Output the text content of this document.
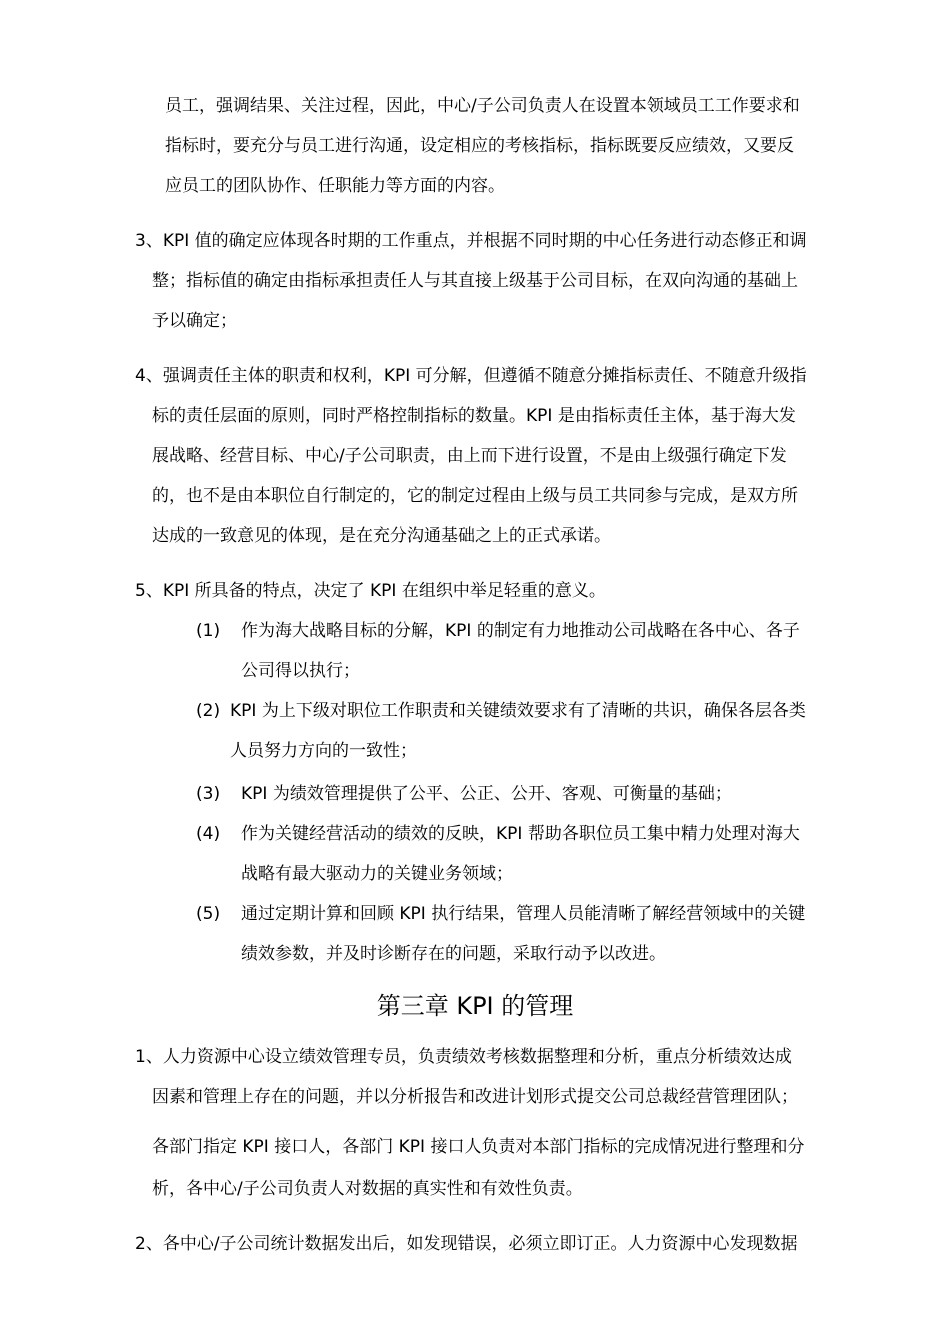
员工，强调结果、关注过程，因此，中心/子公司负责人在设置本领域员工工作要求和
指标时，要充分与员工进行沟通，设定相应的考核指标，指标既要反应绩效，又要反
应员工的团队协作、任职能力等方面的内容。
3、KPI 值的确定应体现各时期的工作重点，并根据不同时期的中心任务进行动态修正和调
整；指标值的确定由指标承担责任人与其直接上级基于公司目标，在双向沟通的基础上
予以确定；
4、强调责任主体的职责和权利，KPI 可分解，但遵循不随意分摊指标责任、不随意升级指
标的责任层面的原则，同时严格控制指标的数量。KPI 是由指标责任主体，基于海大发
展战略、经营目标、中心/子公司职责，由上而下进行设置，不是由上级强行确定下发
的，也不是由本职位自行制定的，它的制定过程由上级与员工共同参与完成，是双方所
达成的一致意见的体现，是在充分沟通基础之上的正式承诺。
5、KPI 所具备的特点，决定了 KPI 在组织中举足轻重的意义。
(1) 作为海大战略目标的分解，KPI 的制定有力地推动公司战略在各中心、各子
公司得以执行；
(2) KPI 为上下级对职位工作职责和关键绩效要求有了清晰的共识，确保各层各类
人员努力方向的一致性；
(3) KPI 为绩效管理提供了公平、公正、公开、客观、可衡量的基础；
(4) 作为关键经营活动的绩效的反映，KPI 帮助各职位员工集中精力处理对海大
战略有最大驱动力的关键业务领域；
(5) 通过定期计算和回顾 KPI 执行结果，管理人员能清晰了解经营领域中的关键
绩效参数，并及时诊断存在的问题，采取行动予以改进。
第三章 KPI 的管理
1、人力资源中心设立绩效管理专员，负责绩效考核数据整理和分析，重点分析绩效达成
因素和管理上存在的问题，并以分析报告和改进计划形式提交公司总裁经营管理团队；
各部门指定 KPI 接口人，各部门 KPI 接口人负责对本部门指标的完成情况进行整理和分
析，各中心/子公司负责人对数据的真实性和有效性负责。
2、各中心/子公司统计数据发出后，如发现错误，必须立即订正。人力资源中心发现数据
